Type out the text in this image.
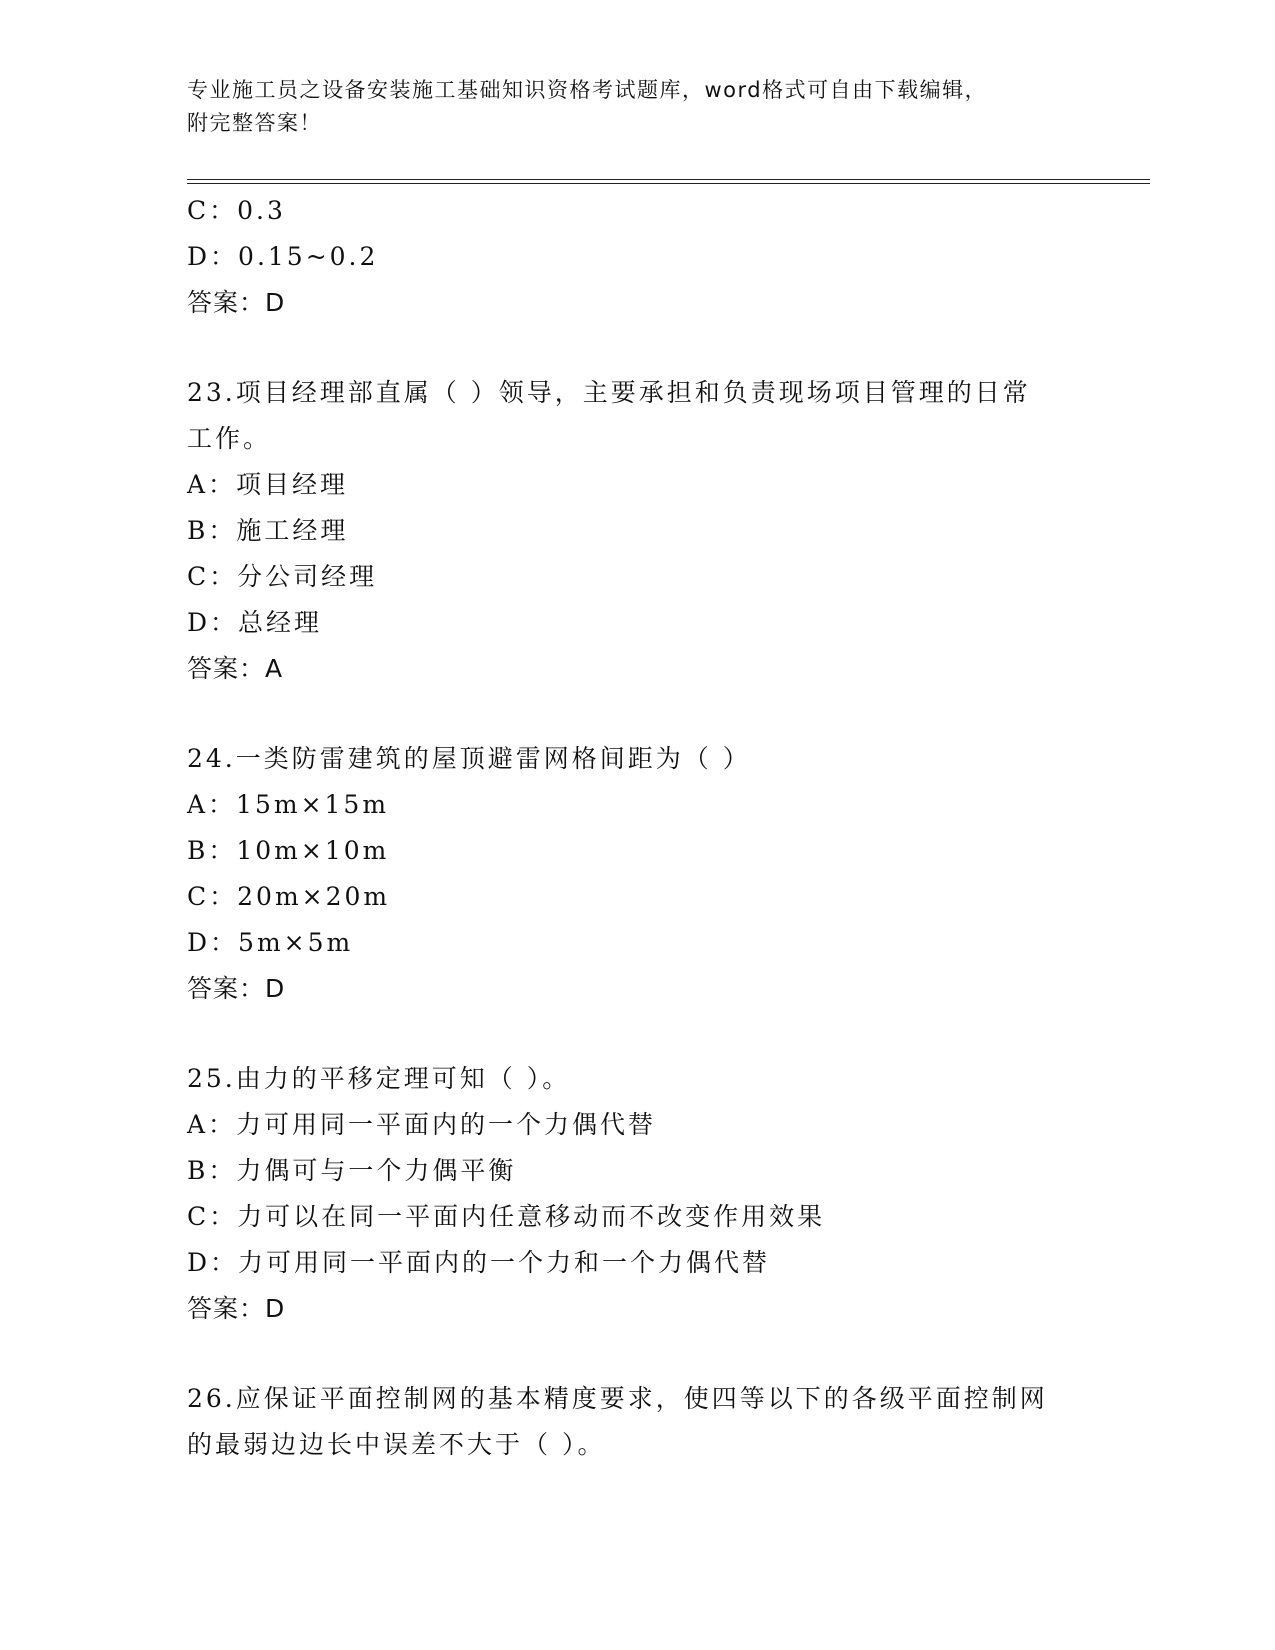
专业施工员之设备安装施工基础知识资格考试题库，word格式可自由下载编辑，
附完整答案！
C：0.3
D：0.15~0.2
答案：D
23.项目经理部直属（ ）领导，主要承担和负责现场项目管理的日常
工作。
A：项目经理
B：施工经理
C：分公司经理
D：总经理
答案：A
24.一类防雷建筑的屋顶避雷网格间距为（ ）
A：15m×15m
B：10m×10m
C：20m×20m
D：5m×5m
答案：D
25.由力的平移定理可知（ ）。
A：力可用同一平面内的一个力偶代替
B：力偶可与一个力偶平衡
C：力可以在同一平面内任意移动而不改变作用效果
D：力可用同一平面内的一个力和一个力偶代替
答案：D
26.应保证平面控制网的基本精度要求，使四等以下的各级平面控制网
的最弱边边长中误差不大于（ ）。
